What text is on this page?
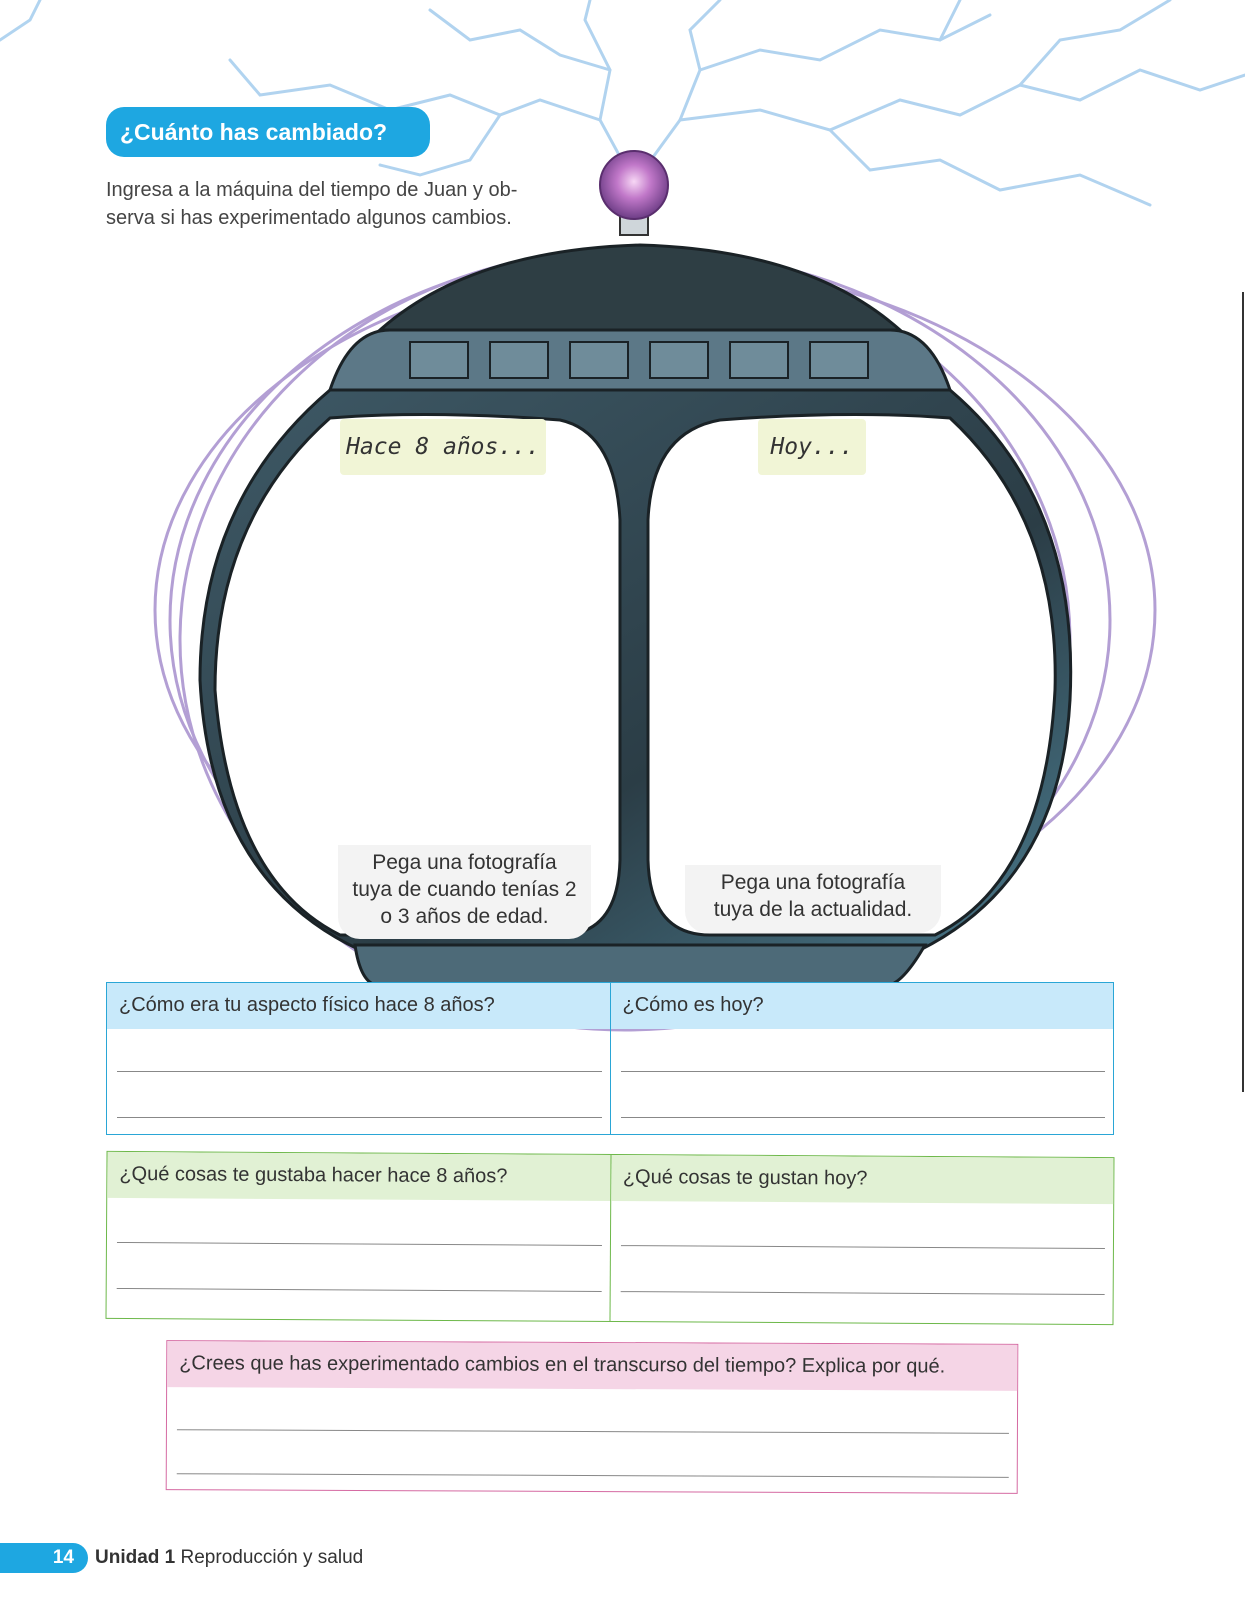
¿Cuánto has cambiado?
Ingresa a la máquina del tiempo de Juan y ob-
serva si has experimentado algunos cambios.
Hace 8 años...	Hoy...
Pega una fotografía
tuya de cuando tenías 2
o 3 años de edad.
Pega una fotografía
tuya de la actualidad.
¿Cómo era tu aspecto físico hace 8 años?	¿Cómo es hoy?
¿Qué cosas te gustaba hacer hace 8 años?	¿Qué cosas te gustan hoy?
¿Crees que has experimentado cambios en el transcurso del tiempo? Explica por qué.
14	Unidad 1 Reproducción y salud
